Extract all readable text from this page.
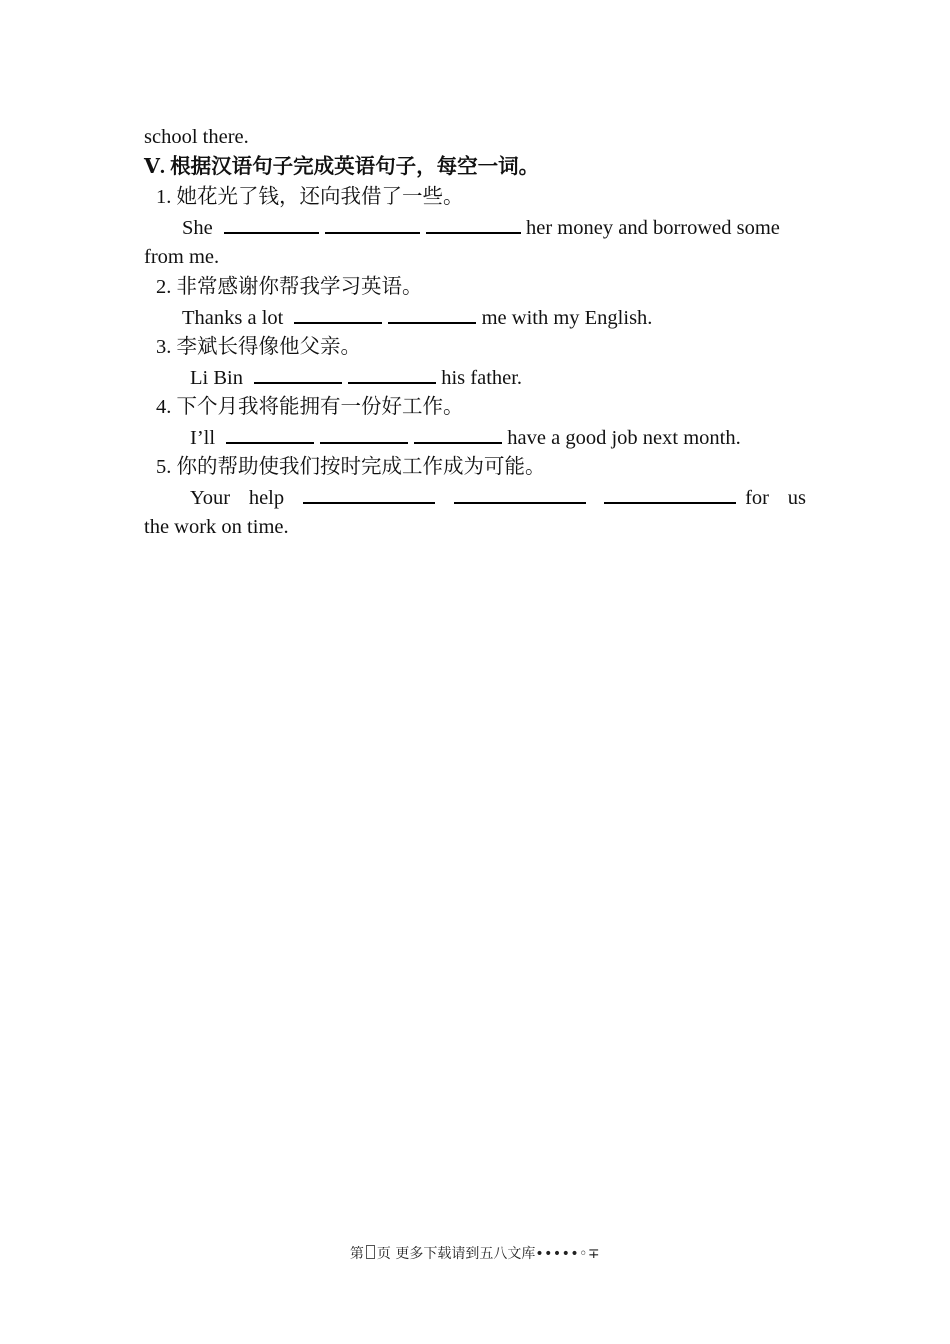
school there.
Ⅴ. 根据汉语句子完成英语句子，每空一词。
1. 她花光了钱，还向我借了一些。
She	her money and borrowed some
from me.
2. 非常感谢你帮我学习英语。
Thanks a lot	me with my English.
3. 李斌长得像他父亲。
Li Bin	his father.
4. 下个月我将能拥有一份好工作。
I’ll	have a good job next month.
5. 你的帮助使我们按时完成工作成为可能。
Your help	for us
the work on time.
第 页 更多下载请到五八文库•••••◦∓
